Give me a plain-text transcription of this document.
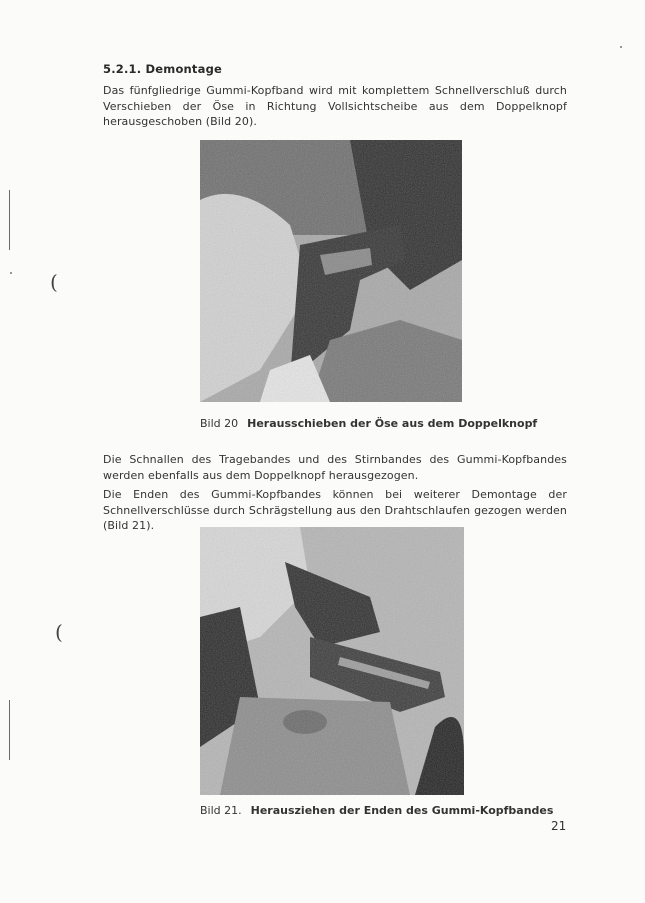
(
(
5.2.1. Demontage

Das fünfgliedrige Gummi-Kopfband wird mit komplettem Schnellverschluß durch Verschieben der Öse in Richtung Vollsichtscheibe aus dem Doppelknopf herausgeschoben (Bild 20).

Bild 20 Herausschieben der Öse aus dem Doppelknopf

Die Schnallen des Tragebandes und des Stirnbandes des Gummi-Kopfbandes werden ebenfalls aus dem Doppelknopf herausgezogen.

Die Enden des Gummi-Kopfbandes können bei weiterer Demontage der Schnellverschlüsse durch Schrägstellung aus den Drahtschlaufen gezogen werden (Bild 21).

Bild 21. Herausziehen der Enden des Gummi-Kopfbandes
21
